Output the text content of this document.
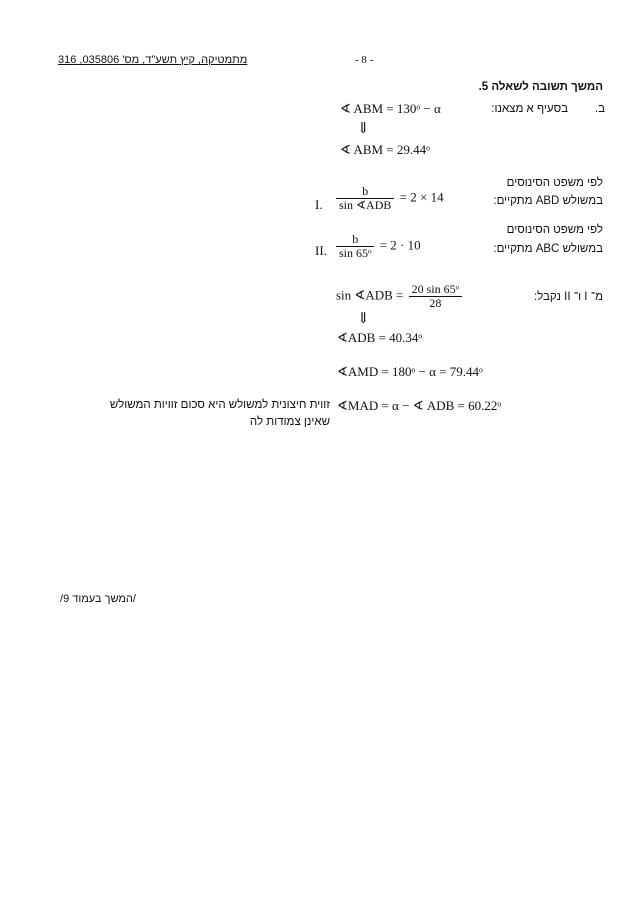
מתמטיקה, קיץ תשע"ד, מס' 035806, 316	- 8 -
המשך תשובה לשאלה 5.
ב.
בסעיף א מצאנו:
∢ ABM = 130ᵒ − α
⇓
∢ ABM = 29.44ᵒ
לפי משפט הסינוסים
במשולש ABD מתקיים:
I. $\frac{b}{\text{sin ∢ADB}} = 2 \times 14$
לפי משפט הסינוסים
במשולש ABC מתקיים:
II. $\frac{b}{\text{sin 65ᵒ}} = 2 \cdot 10$
מ־ I ו־ II נקבל:
sin ∢ADB = $\frac{\text{20 sin 65ᵒ}}{28}$
⇓
∢ADB = 40.34ᵒ
∢AMD = 180ᵒ − α = 79.44ᵒ
∢MAD = α − ∢ ADB = 60.22ᵒ
זווית חיצונית למשולש היא סכום זוויות המשולש
שאינן צמודות לה
/המשך בעמוד 9/
